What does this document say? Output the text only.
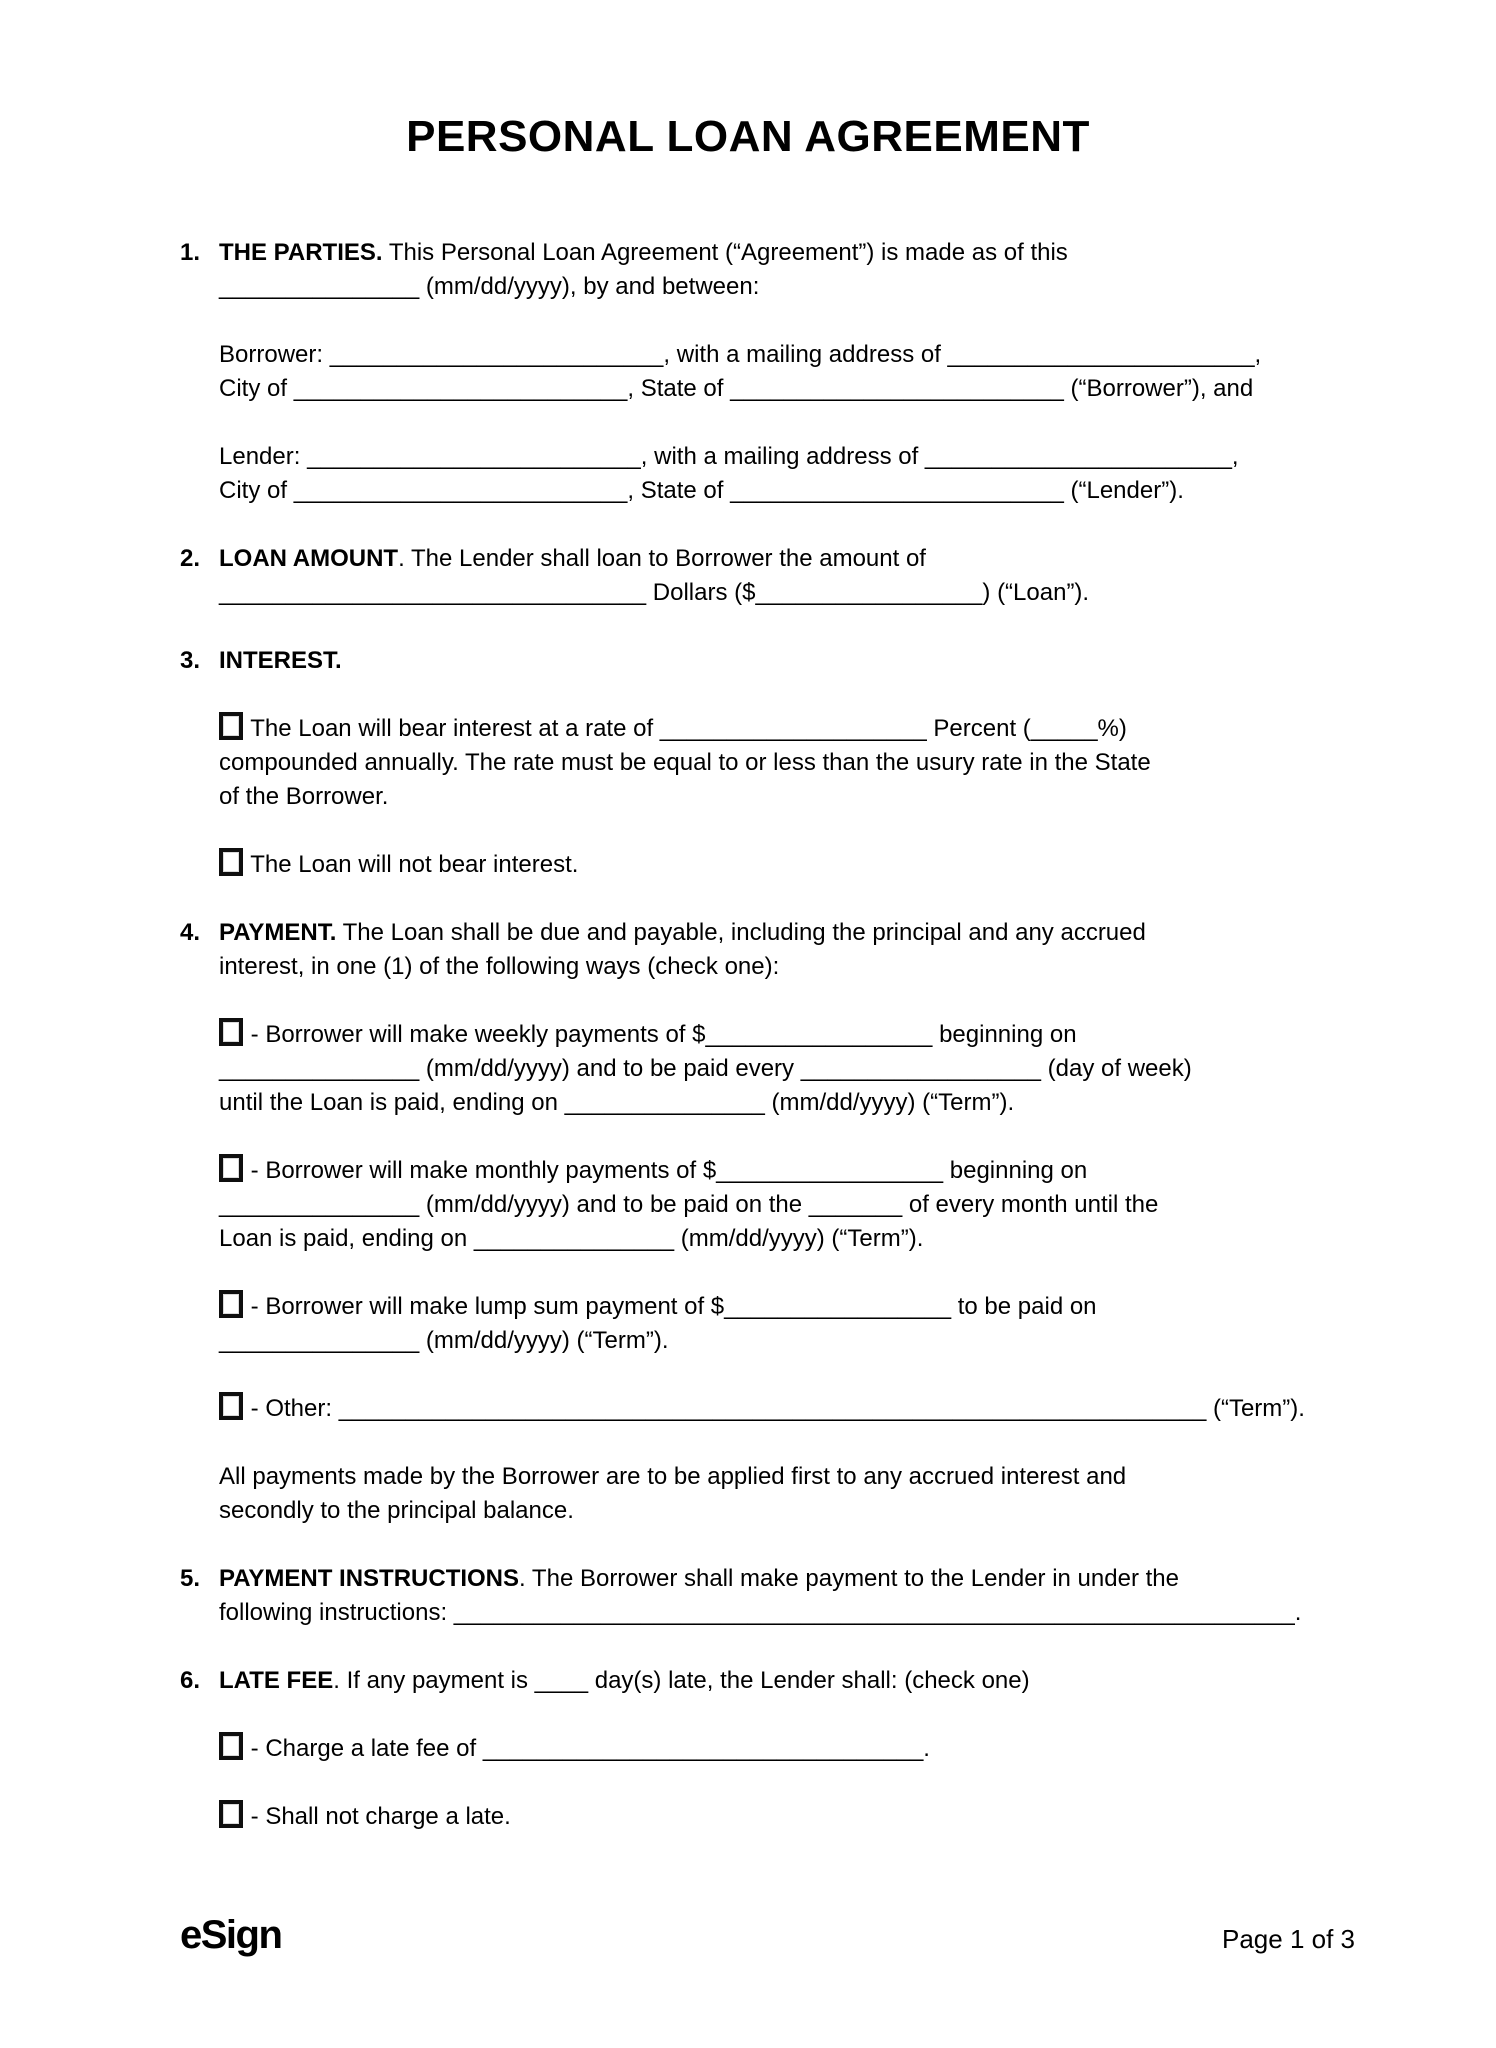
PERSONAL LOAN AGREEMENT
1. THE PARTIES. This Personal Loan Agreement (“Agreement”) is made as of this
_______________ (mm/dd/yyyy), by and between:
Borrower: _________________________, with a mailing address of _______________________,
City of _________________________, State of _________________________ (“Borrower”), and
Lender: _________________________, with a mailing address of _______________________,
City of _________________________, State of _________________________ (“Lender”).
2. LOAN AMOUNT. The Lender shall loan to Borrower the amount of
________________________________ Dollars ($_________________) (“Loan”).
3. INTEREST.
The Loan will bear interest at a rate of ____________________ Percent (_____%)
compounded annually. The rate must be equal to or less than the usury rate in the State
of the Borrower.
The Loan will not bear interest.
4. PAYMENT. The Loan shall be due and payable, including the principal and any accrued
interest, in one (1) of the following ways (check one):
- Borrower will make weekly payments of $_________________ beginning on
_______________ (mm/dd/yyyy) and to be paid every __________________ (day of week)
until the Loan is paid, ending on _______________ (mm/dd/yyyy) (“Term”).
- Borrower will make monthly payments of $_________________ beginning on
_______________ (mm/dd/yyyy) and to be paid on the _______ of every month until the
Loan is paid, ending on _______________ (mm/dd/yyyy) (“Term”).
- Borrower will make lump sum payment of $_________________ to be paid on
_______________ (mm/dd/yyyy) (“Term”).
- Other: _________________________________________________________________ (“Term”).
All payments made by the Borrower are to be applied first to any accrued interest and
secondly to the principal balance.
5. PAYMENT INSTRUCTIONS. The Borrower shall make payment to the Lender in under the
following instructions: _______________________________________________________________.
6. LATE FEE. If any payment is ____ day(s) late, the Lender shall: (check one)
- Charge a late fee of _________________________________.
- Shall not charge a late.
eSign	Page 1 of 3
